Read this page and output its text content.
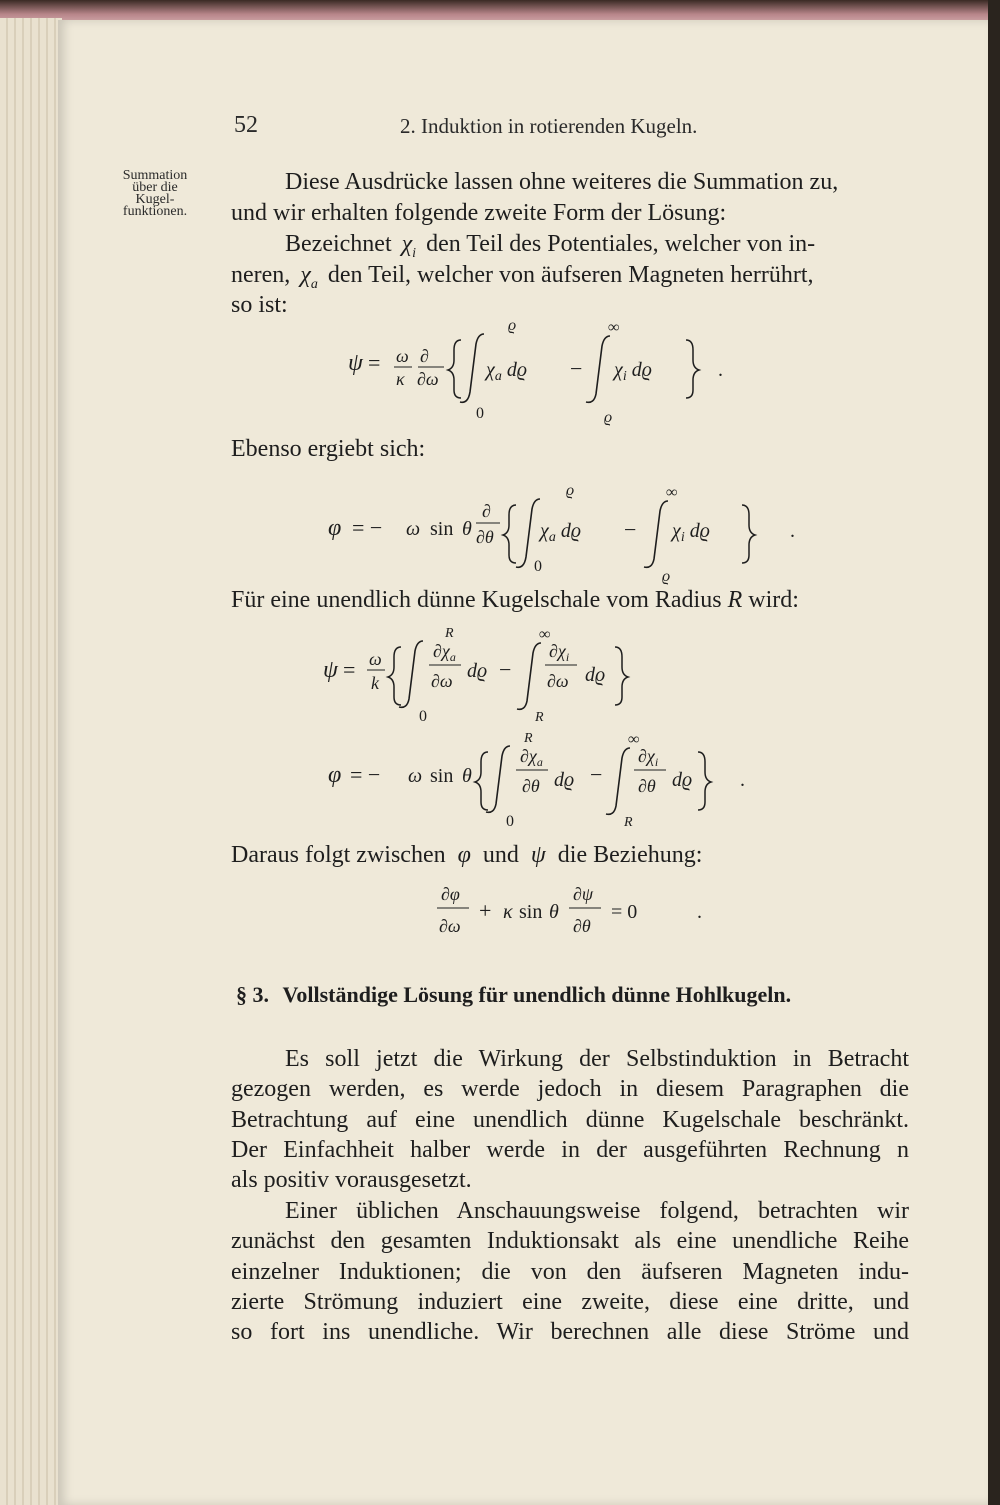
52	2. Induktion in rotierenden Kugeln.
Summation
über die
Kugel-
funktionen.
Diese Ausdrücke lassen ohne weiteres die Summation zu,
und wir erhalten folgende zweite Form der Lösung:
Bezeichnet $\chi_i$ den Teil des Potentiales, welcher von in-
neren, $\chi_a$ den Teil, welcher von äufseren Magneten herrührt,
so ist:
ψ = ω
κ
∂
∂ω
ϱ
0
$\chi_a$ dϱ −
∞
ϱ
$\chi_i$ dϱ	.
Ebenso ergiebt sich:
φ = − ω sin θ
∂
∂θ
ϱ
0
$\chi_a$ dϱ −
∞
ϱ
$\chi_i$ dϱ	.
Für eine unendlich dünne Kugelschale vom Radius R wird:
ψ = ω
k
R
0
$\partial\chi_a$
∂ω dϱ −
∞
R
$\partial\chi_i$
∂ω dϱ
φ = − ω sin θ
R
0
$\partial\chi_a$
∂θ dϱ −
∞
R
$\partial\chi_i$
∂θ dϱ .
Daraus folgt zwischen φ und ψ die Beziehung:
∂φ
∂ω
+ κ sin θ
∂ψ
∂θ
= 0	.
§ 3. Vollständige Lösung für unendlich dünne Hohlkugeln.
Es soll jetzt die Wirkung der Selbstinduktion in Betracht
gezogen werden, es werde jedoch in diesem Paragraphen die
Betrachtung auf eine unendlich dünne Kugelschale beschränkt.
Der Einfachheit halber werde in der ausgeführten Rechnung n
als positiv vorausgesetzt.
Einer üblichen Anschauungsweise folgend, betrachten wir
zunächst den gesamten Induktionsakt als eine unendliche Reihe
einzelner Induktionen; die von den äufseren Magneten indu-
zierte Strömung induziert eine zweite, diese eine dritte, und
so fort ins unendliche. Wir berechnen alle diese Ströme und
